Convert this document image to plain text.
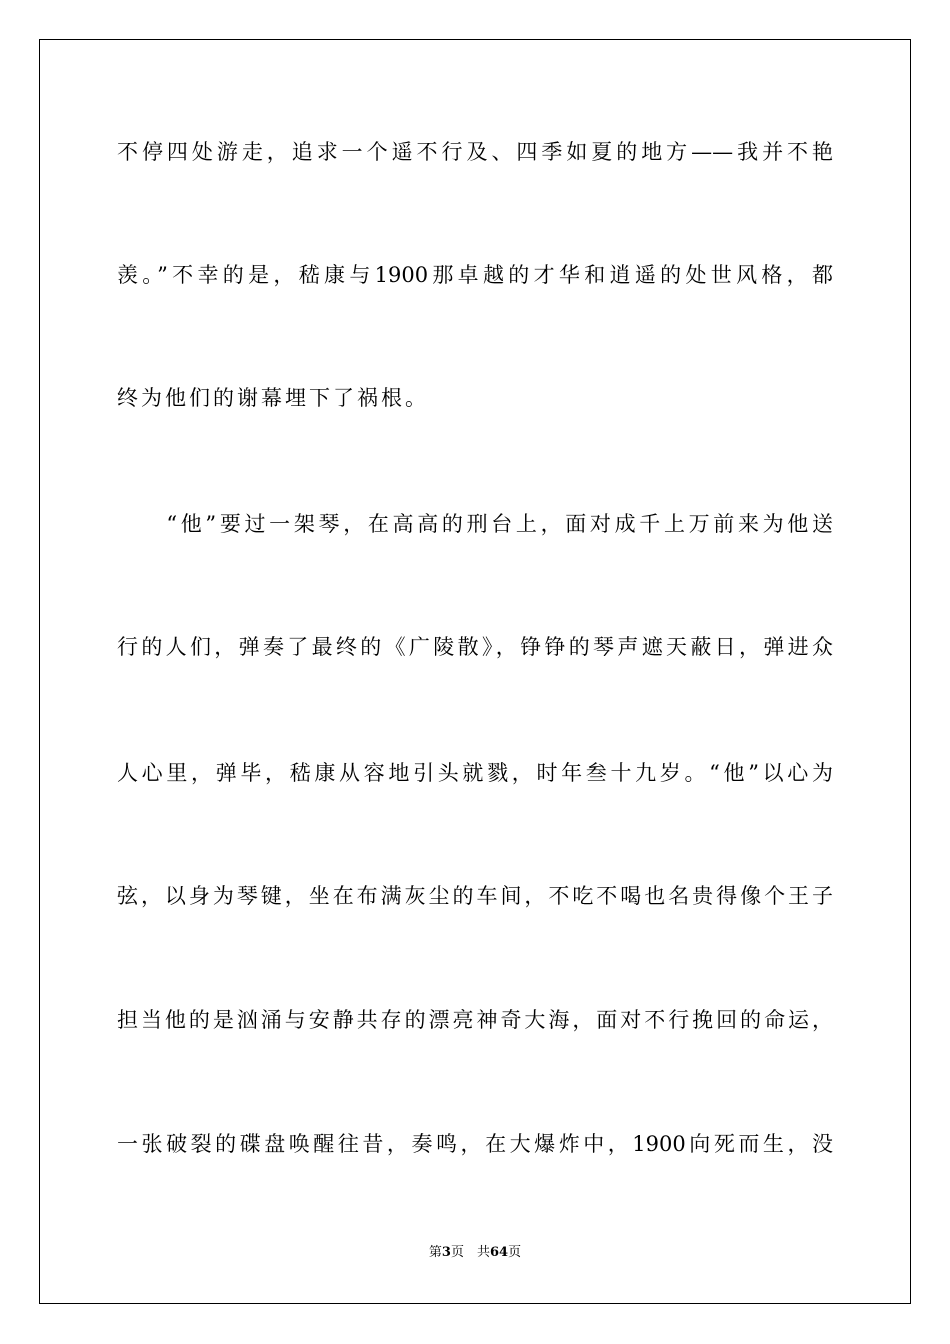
不停四处游走，追求一个遥不行及、四季如夏的地方——我并不艳
羡。”不幸的是，嵇康与1900那卓越的才华和逍遥的处世风格，都
终为他们的谢幕埋下了祸根。
　　“他”要过一架琴，在高高的刑台上，面对成千上万前来为他送
行的人们，弹奏了最终的《广陵散》，铮铮的琴声遮天蔽日，弹进众
人心里，弹毕，嵇康从容地引头就戮，时年叁十九岁。“他”以心为
弦，以身为琴键，坐在布满灰尘的车间，不吃不喝也名贵得像个王子
担当他的是汹涌与安静共存的漂亮神奇大海，面对不行挽回的命运，
一张破裂的碟盘唤醒往昔，奏鸣，在大爆炸中，1900向死而生，没
第3页　共64页
